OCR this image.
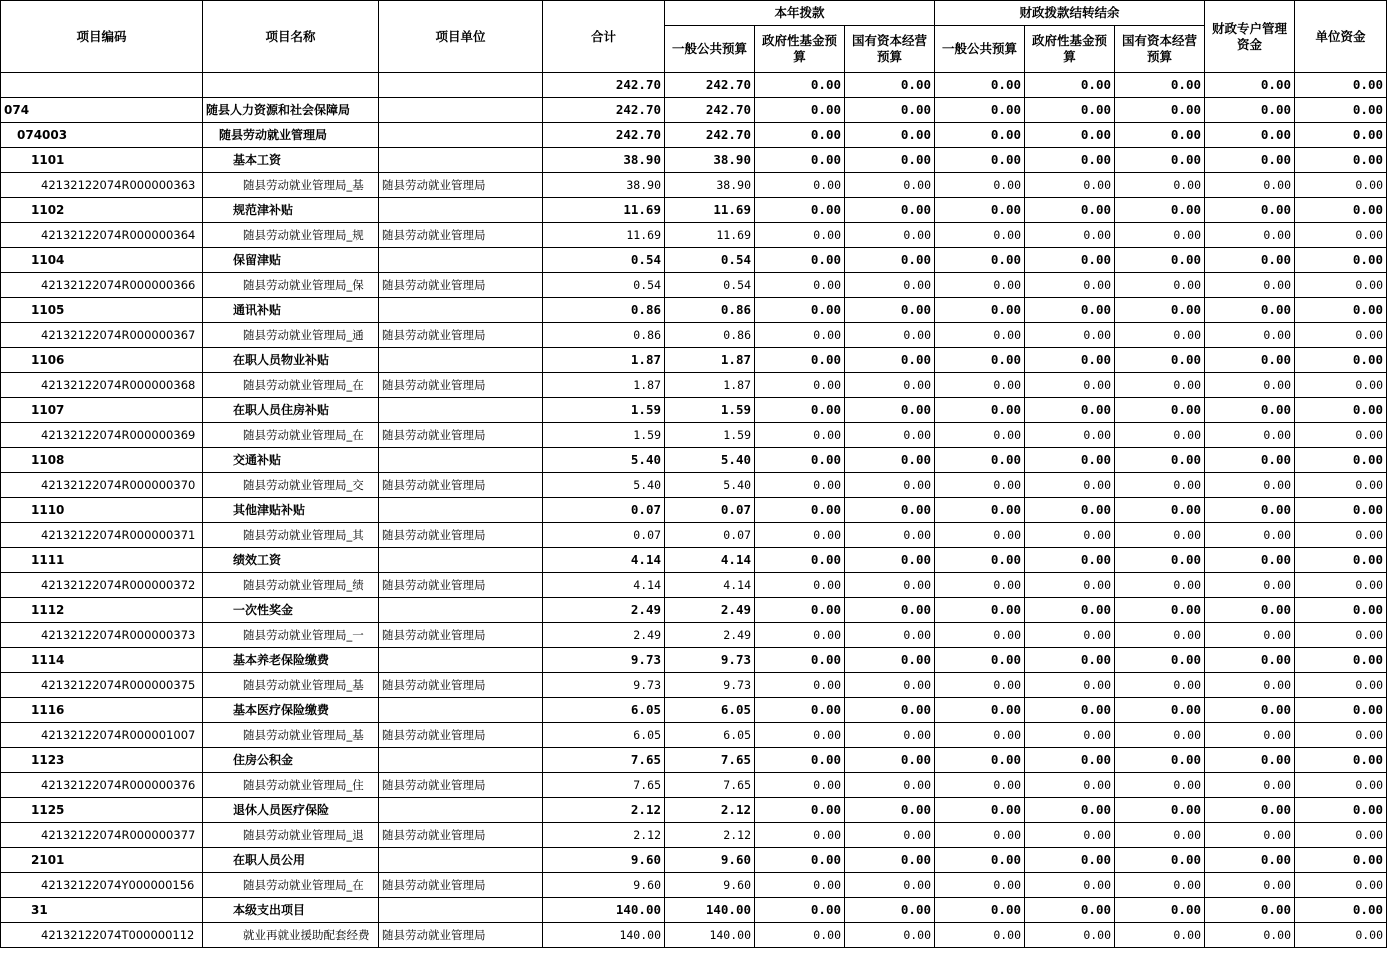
项目编码	项目名称	项目单位	合计	本年拨款			财政拨款结转结余			财政专户管理资金	单位资金
				一般公共预算	政府性基金预算	国有资本经营预算	一般公共预算	政府性基金预算	国有资本经营预算		
			242.70	242.70	0.00	0.00	0.00	0.00	0.00	0.00	0.00
074	随县人力资源和社会保障局		242.70	242.70	0.00	0.00	0.00	0.00	0.00	0.00	0.00
074003	随县劳动就业管理局		242.70	242.70	0.00	0.00	0.00	0.00	0.00	0.00	0.00
1101	基本工资		38.90	38.90	0.00	0.00	0.00	0.00	0.00	0.00	0.00
42132122074R000000363	随县劳动就业管理局_基	随县劳动就业管理局	38.90	38.90	0.00	0.00	0.00	0.00	0.00	0.00	0.00
1102	规范津补贴		11.69	11.69	0.00	0.00	0.00	0.00	0.00	0.00	0.00
42132122074R000000364	随县劳动就业管理局_规	随县劳动就业管理局	11.69	11.69	0.00	0.00	0.00	0.00	0.00	0.00	0.00
1104	保留津贴		0.54	0.54	0.00	0.00	0.00	0.00	0.00	0.00	0.00
42132122074R000000366	随县劳动就业管理局_保	随县劳动就业管理局	0.54	0.54	0.00	0.00	0.00	0.00	0.00	0.00	0.00
1105	通讯补贴		0.86	0.86	0.00	0.00	0.00	0.00	0.00	0.00	0.00
42132122074R000000367	随县劳动就业管理局_通	随县劳动就业管理局	0.86	0.86	0.00	0.00	0.00	0.00	0.00	0.00	0.00
1106	在职人员物业补贴		1.87	1.87	0.00	0.00	0.00	0.00	0.00	0.00	0.00
42132122074R000000368	随县劳动就业管理局_在	随县劳动就业管理局	1.87	1.87	0.00	0.00	0.00	0.00	0.00	0.00	0.00
1107	在职人员住房补贴		1.59	1.59	0.00	0.00	0.00	0.00	0.00	0.00	0.00
42132122074R000000369	随县劳动就业管理局_在	随县劳动就业管理局	1.59	1.59	0.00	0.00	0.00	0.00	0.00	0.00	0.00
1108	交通补贴		5.40	5.40	0.00	0.00	0.00	0.00	0.00	0.00	0.00
42132122074R000000370	随县劳动就业管理局_交	随县劳动就业管理局	5.40	5.40	0.00	0.00	0.00	0.00	0.00	0.00	0.00
1110	其他津贴补贴		0.07	0.07	0.00	0.00	0.00	0.00	0.00	0.00	0.00
42132122074R000000371	随县劳动就业管理局_其	随县劳动就业管理局	0.07	0.07	0.00	0.00	0.00	0.00	0.00	0.00	0.00
1111	绩效工资		4.14	4.14	0.00	0.00	0.00	0.00	0.00	0.00	0.00
42132122074R000000372	随县劳动就业管理局_绩	随县劳动就业管理局	4.14	4.14	0.00	0.00	0.00	0.00	0.00	0.00	0.00
1112	一次性奖金		2.49	2.49	0.00	0.00	0.00	0.00	0.00	0.00	0.00
42132122074R000000373	随县劳动就业管理局_一	随县劳动就业管理局	2.49	2.49	0.00	0.00	0.00	0.00	0.00	0.00	0.00
1114	基本养老保险缴费		9.73	9.73	0.00	0.00	0.00	0.00	0.00	0.00	0.00
42132122074R000000375	随县劳动就业管理局_基	随县劳动就业管理局	9.73	9.73	0.00	0.00	0.00	0.00	0.00	0.00	0.00
1116	基本医疗保险缴费		6.05	6.05	0.00	0.00	0.00	0.00	0.00	0.00	0.00
42132122074R000001007	随县劳动就业管理局_基	随县劳动就业管理局	6.05	6.05	0.00	0.00	0.00	0.00	0.00	0.00	0.00
1123	住房公积金		7.65	7.65	0.00	0.00	0.00	0.00	0.00	0.00	0.00
42132122074R000000376	随县劳动就业管理局_住	随县劳动就业管理局	7.65	7.65	0.00	0.00	0.00	0.00	0.00	0.00	0.00
1125	退休人员医疗保险		2.12	2.12	0.00	0.00	0.00	0.00	0.00	0.00	0.00
42132122074R000000377	随县劳动就业管理局_退	随县劳动就业管理局	2.12	2.12	0.00	0.00	0.00	0.00	0.00	0.00	0.00
2101	在职人员公用		9.60	9.60	0.00	0.00	0.00	0.00	0.00	0.00	0.00
42132122074Y000000156	随县劳动就业管理局_在	随县劳动就业管理局	9.60	9.60	0.00	0.00	0.00	0.00	0.00	0.00	0.00
31	本级支出项目		140.00	140.00	0.00	0.00	0.00	0.00	0.00	0.00	0.00
42132122074T000000112	就业再就业援助配套经费	随县劳动就业管理局	140.00	140.00	0.00	0.00	0.00	0.00	0.00	0.00	0.00
